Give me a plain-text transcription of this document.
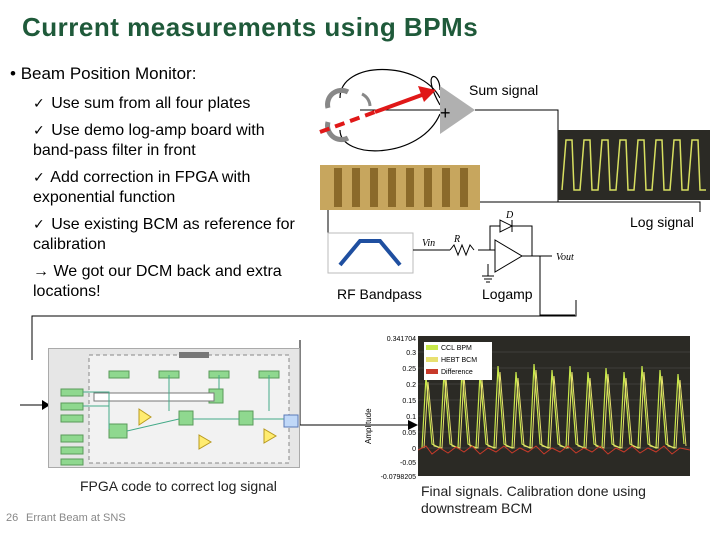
Current measurements using BPMs
• Beam Position Monitor:
✓ Use sum from all four plates
✓ Use demo log-amp board with band-pass filter in front
✓ Add correction in FPGA with exponential function
✓ Use existing BCM as reference for calibration
→ We got our DCM back and extra locations!
+
Vin R
D
Vout
Sum signal
Log signal
RF Bandpass	Logamp
FPGA code to correct log signal
Amplitude
0.341704
0.3
0.25
0.2
0.15
0.1
0.05
0
-0.05
-0.0798205
CCL BPM
HEBT BCM
Difference
Final signals. Calibration done using downstream BCM
26 Errant Beam at SNS
